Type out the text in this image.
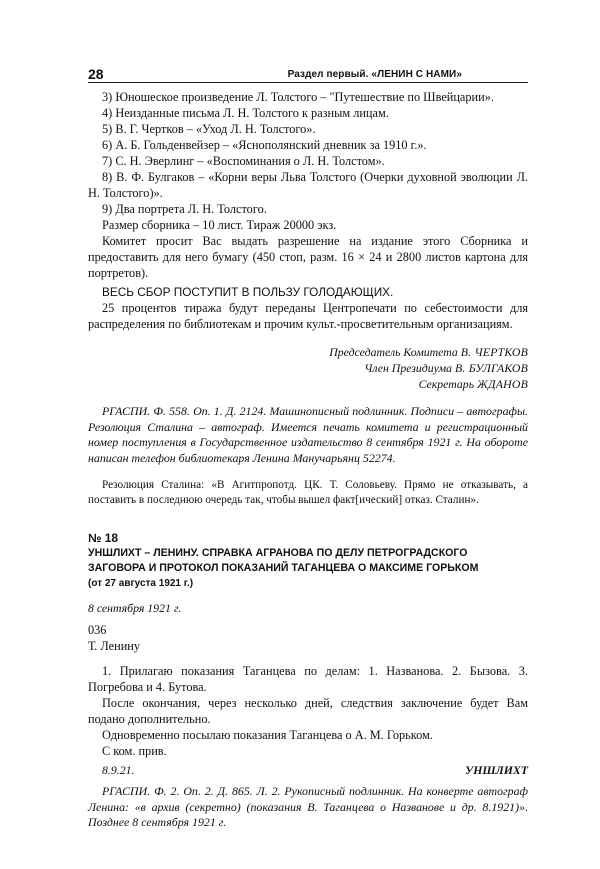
28	Раздел первый. «ЛЕНИН С НАМИ»

3) Юношеское произведение Л. Толстого – "Путешествие по Швейцарии».

4) Неизданные письма Л. Н. Толстого к разным лицам.

5) В. Г. Чертков – «Уход Л. Н. Толстого».

6) А. Б. Гольденвейзер – «Яснополянский дневник за 1910 г.».

7) С. Н. Эверлинг – «Воспоминания о Л. Н. Толстом».

8) В. Ф. Булгаков – «Корни веры Льва Толстого (Очерки духовной эволюции Л. Н. Толстого)».

9) Два портрета Л. Н. Толстого.

Размер сборника – 10 лист. Тираж 20000 экз.

Комитет просит Вас выдать разрешение на издание этого Сборника и предоставить для него бумагу (450 стоп, разм. 16 × 24 и 2800 листов картона для портретов).

ВЕСЬ СБОР ПОСТУПИТ В ПОЛЬЗУ ГОЛОДАЮЩИХ.

25 процентов тиража будут переданы Центропечати по себестоимости для распределения по библиотекам и прочим культ.-просветительным организациям.

Председатель Комитета В. ЧЕРТКОВ

Член Президиума В. БУЛГАКОВ

Секретарь ЖДАНОВ

РГАСПИ. Ф. 558. Оп. 1. Д. 2124. Машинописный подлинник. Подписи – автографы. Резолюция Сталина – автограф. Имеется печать комитета и регистрационный номер поступления в Государственное издательство 8 сентября 1921 г. На обороте написан телефон библиотекаря Ленина Манучарьянц 52274.

Резолюция Сталина: «В Агитпропотд. ЦК. Т. Соловьеву. Прямо не отказывать, а поставить в последнюю очередь так, чтобы вышел факт[ический] отказ. Сталин».

№ 18

УНШЛИХТ – ЛЕНИНУ. СПРАВКА АГРАНОВА ПО ДЕЛУ ПЕТРОГРАДСКОГО ЗАГОВОРА И ПРОТОКОЛ ПОКАЗАНИЙ ТАГАНЦЕВА О МАКСИМЕ ГОРЬКОМ

(от 27 августа 1921 г.)

8 сентября 1921 г.

036

Т. Ленину

1. Прилагаю показания Таганцева по делам: 1. Названова. 2. Бызова. 3. Погребова и 4. Бутова.

После окончания, через несколько дней, следствия заключение будет Вам подано дополнительно.

Одновременно посылаю показания Таганцева о А. М. Горьком.

С ком. прив.

8.9.21.	УНШЛИХТ

РГАСПИ. Ф. 2. Оп. 2. Д. 865. Л. 2. Рукописный подлинник. На конверте автограф Ленина: «в архив (секретно) (показания В. Таганцева о Названове и др. 8.1921)». Позднее 8 сентября 1921 г.
